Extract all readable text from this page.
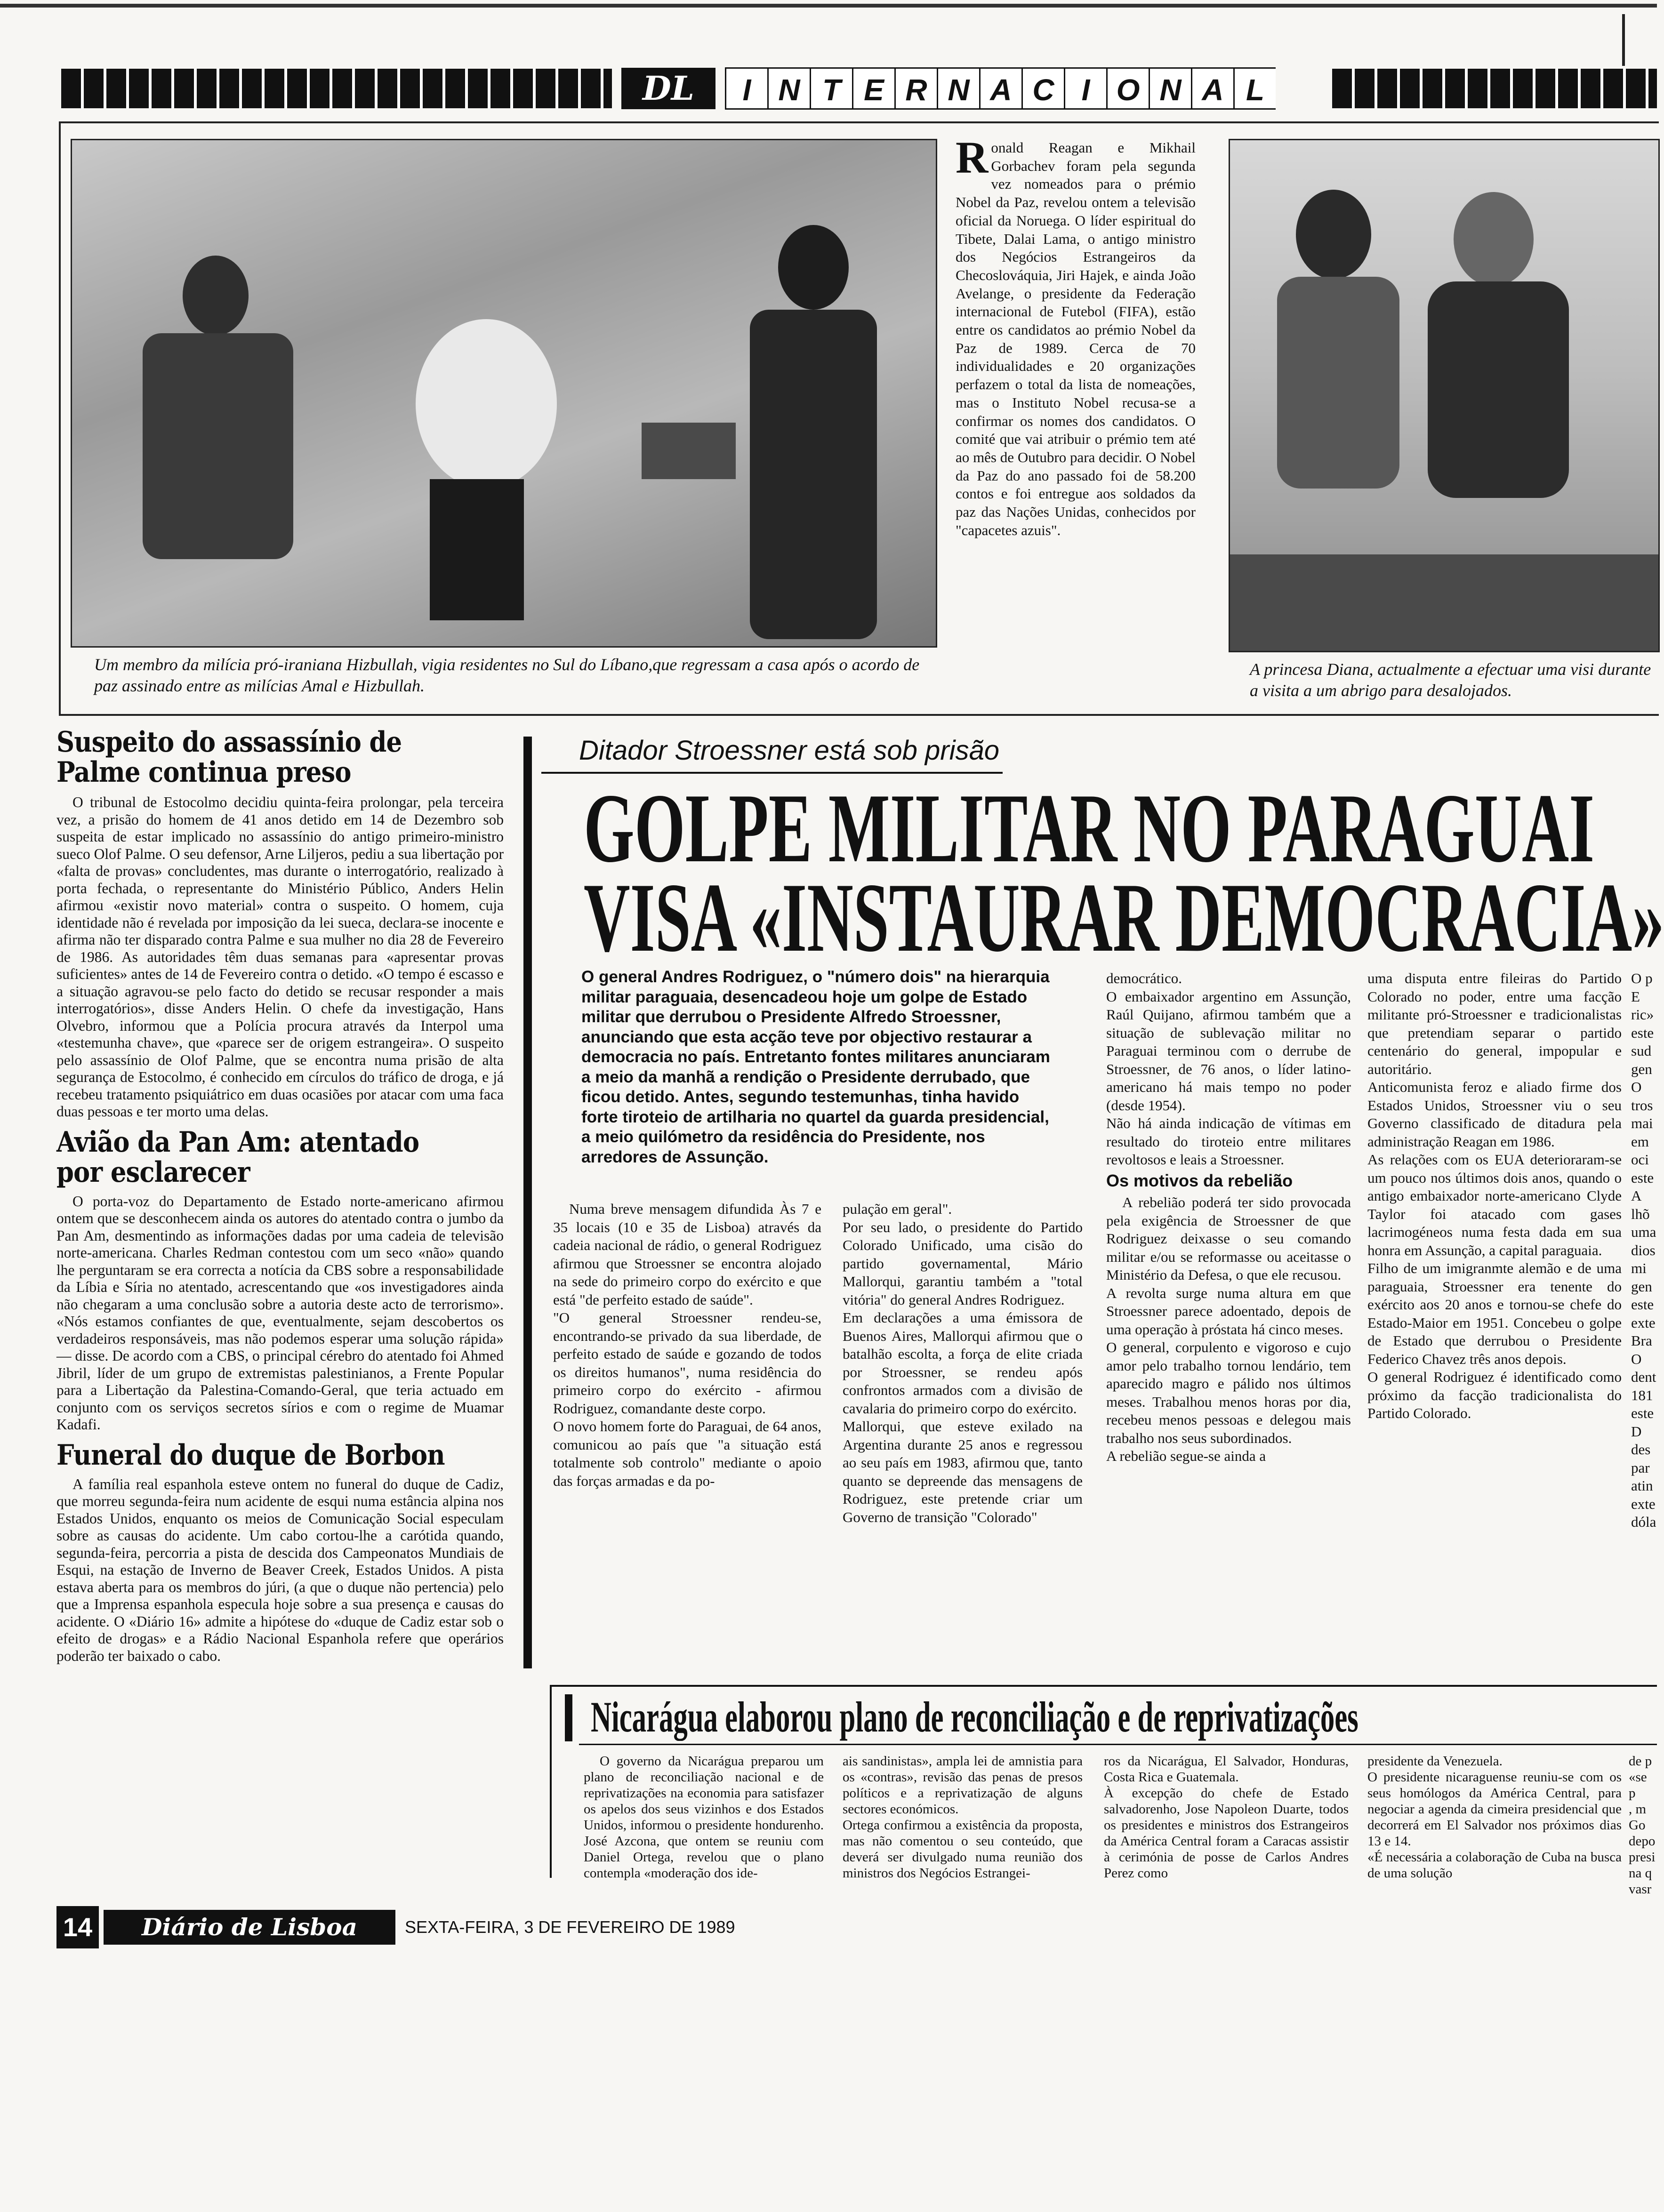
DL	I N T E R N A C I O N A L
Um membro da milícia pró-iraniana Hizbullah, vigia residentes no Sul do Líbano,que regressam a casa após o acordo de paz assinado entre as milícias Amal e Hizbullah.
R onald Reagan e Mikhail Gorbachev foram pela segunda vez nomeados para o prémio Nobel da Paz, revelou ontem a televisão oficial da Noruega. O líder espiritual do Tibete, Dalai Lama, o antigo ministro dos Negócios Estrangeiros da Checoslováquia, Jiri Hajek, e ainda João Avelange, o presidente da Federação internacional de Futebol (FIFA), estão entre os candidatos ao prémio Nobel da Paz de 1989. Cerca de 70 individualidades e 20 organizações perfazem o total da lista de nomeações, mas o Instituto Nobel recusa-se a confirmar os nomes dos candidatos. O comité que vai atribuir o prémio tem até ao mês de Outubro para decidir. O Nobel da Paz do ano passado foi de 58.200 contos e foi entregue aos soldados da paz das Nações Unidas, conhecidos por "capacetes azuis".
A princesa Diana, actualmente a efectuar uma visi durante a visita a um abrigo para desalojados.
Suspeito do assassínio de Palme continua preso

O tribunal de Estocolmo decidiu quinta-feira prolongar, pela terceira vez, a prisão do homem de 41 anos detido em 14 de Dezembro sob suspeita de estar implicado no assassínio do antigo primeiro-ministro sueco Olof Palme. O seu defensor, Arne Liljeros, pediu a sua libertação por «falta de provas» concludentes, mas durante o interrogatório, realizado à porta fechada, o representante do Ministério Público, Anders Helin afirmou «existir novo material» contra o suspeito. O homem, cuja identidade não é revelada por imposição da lei sueca, declara-se inocente e afirma não ter disparado contra Palme e sua mulher no dia 28 de Fevereiro de 1986. As autoridades têm duas semanas para «apresentar provas suficientes» antes de 14 de Fevereiro contra o detido. «O tempo é escasso e a situação agravou-se pelo facto do detido se recusar responder a mais interrogatórios», disse Anders Helin. O chefe da investigação, Hans Olvebro, informou que a Polícia procura através da Interpol uma «testemunha chave», que «parece ser de origem estrangeira». O suspeito pelo assassínio de Olof Palme, que se encontra numa prisão de alta segurança de Estocolmo, é conhecido em círculos do tráfico de droga, e já recebeu tratamento psiquiátrico em duas ocasiões por atacar com uma faca duas pessoas e ter morto uma delas.

Avião da Pan Am: atentado por esclarecer

O porta-voz do Departamento de Estado norte-americano afirmou ontem que se desconhecem ainda os autores do atentado contra o jumbo da Pan Am, desmentindo as informações dadas por uma cadeia de televisão norte-americana. Charles Redman contestou com um seco «não» quando lhe perguntaram se era correcta a notícia da CBS sobre a responsabilidade da Líbia e Síria no atentado, acrescentando que «os investigadores ainda não chegaram a uma conclusão sobre a autoria deste acto de terrorismo». «Nós estamos confiantes de que, eventualmente, sejam descobertos os verdadeiros responsáveis, mas não podemos esperar uma solução rápida» — disse. De acordo com a CBS, o principal cérebro do atentado foi Ahmed Jibril, líder de um grupo de extremistas palestinianos, a Frente Popular para a Libertação da Palestina-Comando-Geral, que teria actuado em conjunto com os serviços secretos sírios e com o regime de Muamar Kadafi.

Funeral do duque de Borbon

A família real espanhola esteve ontem no funeral do duque de Cadiz, que morreu segunda-feira num acidente de esqui numa estância alpina nos Estados Unidos, enquanto os meios de Comunicação Social especulam sobre as causas do acidente. Um cabo cortou-lhe a carótida quando, segunda-feira, percorria a pista de descida dos Campeonatos Mundiais de Esqui, na estação de Inverno de Beaver Creek, Estados Unidos. A pista estava aberta para os membros do júri, (a que o duque não pertencia) pelo que a Imprensa espanhola especula hoje sobre a sua presença e causas do acidente. O «Diário 16» admite a hipótese do «duque de Cadiz estar sob o efeito de drogas» e a Rádio Nacional Espanhola refere que operários poderão ter baixado o cabo.

Ditador Stroessner está sob prisão
GOLPE MILITAR NO PARAGUAI
VISA «INSTAURAR DEMOCRACIA»
O general Andres Rodriguez, o "número dois" na hierarquia militar paraguaia, desencadeou hoje um golpe de Estado militar que derrubou o Presidente Alfredo Stroessner, anunciando que esta acção teve por objectivo restaurar a democracia no país. Entretanto fontes militares anunciaram a meio da manhã a rendição o Presidente derrubado, que ficou detido. Antes, segundo testemunhas, tinha havido forte tiroteio de artilharia no quartel da guarda presidencial, a meio quilómetro da residência do Presidente, nos arredores de Assunção.

Numa breve mensagem difundida Às 7 e 35 locais (10 e 35 de Lisboa) através da cadeia nacional de rádio, o general Rodriguez afirmou que Stroessner se encontra alojado na sede do primeiro corpo do exército e que está "de perfeito estado de saúde".
"O general Stroessner rendeu-se, encontrando-se privado da sua liberdade, de perfeito estado de saúde e gozando de todos os direitos humanos", numa residência do primeiro corpo do exército - afirmou Rodriguez, comandante deste corpo.
O novo homem forte do Paraguai, de 64 anos, comunicou ao país que "a situação está totalmente sob controlo" mediante o apoio das forças armadas e da po-

pulação em geral".
Por seu lado, o presidente do Partido Colorado Unificado, uma cisão do partido governamental, Mário Mallorqui, garantiu também a "total vitória" do general Andres Rodriguez.
Em declarações a uma émissora de Buenos Aires, Mallorqui afirmou que o batalhão escolta, a força de elite criada por Stroessner, se rendeu após confrontos armados com a divisão de cavalaria do primeiro corpo do exército.
Mallorqui, que esteve exilado na Argentina durante 25 anos e regressou ao seu país em 1983, afirmou que, tanto quanto se depreende das mensagens de Rodriguez, este pretende criar um Governo de transição "Colorado"

democrático.
O embaixador argentino em Assunção, Raúl Quijano, afirmou também que a situação de sublevação militar no Paraguai terminou com o derrube de Stroessner, de 76 anos, o líder latino-americano há mais tempo no poder (desde 1954).
Não há ainda indicação de vítimas em resultado do tiroteio entre militares revoltosos e leais a Stroessner.

Os motivos da rebelião

A rebelião poderá ter sido provocada pela exigência de Stroessner de que Rodriguez deixasse o seu comando militar e/ou se reformasse ou aceitasse o Ministério da Defesa, o que ele recusou.
A revolta surge numa altura em que Stroessner parece adoentado, depois de uma operação à próstata há cinco meses.
O general, corpulento e vigoroso e cujo amor pelo trabalho tornou lendário, tem aparecido magro e pálido nos últimos meses. Trabalhou menos horas por dia, recebeu menos pessoas e delegou mais trabalho nos seus subordinados.
A rebelião segue-se ainda a

uma disputa entre fileiras do Partido Colorado no poder, entre uma facção militante pró-Stroessner e tradicionalistas que pretendiam separar o partido centenário do general, impopular e autoritário.
Anticomunista feroz e aliado firme dos Estados Unidos, Stroessner viu o seu Governo classificado de ditadura pela administração Reagan em 1986.
As relações com os EUA deterioraram-se um pouco nos últimos dois anos, quando o antigo embaixador norte-americano Clyde Taylor foi atacado com gases lacrimogéneos numa festa dada em sua honra em Assunção, a capital paraguaia.
Filho de um imigranmte alemão e de uma paraguaia, Stroessner era tenente do exército aos 20 anos e tornou-se chefe do Estado-Maior em 1951. Concebeu o golpe de Estado que derrubou o Presidente Federico Chavez três anos depois.
O general Rodriguez é identificado como próximo da facção tradicionalista do Partido Colorado.

O p
E ric» este sud gen
O tros mai em oci este
A lhõ uma dios mi gen este exte Bra
O dent 181 este
D des par atin exte dóla
Nicarágua elaborou plano de reconciliação e de reprivatizações

O governo da Nicarágua preparou um plano de reconciliação nacional e de reprivatizações na economia para satisfazer os apelos dos seus vizinhos e dos Estados Unidos, informou o presidente hondurenho. José Azcona, que ontem se reuniu com Daniel Ortega, revelou que o plano contempla «moderação dos ide-

ais sandinistas», ampla lei de amnistia para os «contras», revisão das penas de presos políticos e a reprivatização de alguns sectores económicos.
Ortega confirmou a existência da proposta, mas não comentou o seu conteúdo, que deverá ser divulgado numa reunião dos ministros dos Negócios Estrangei-

ros da Nicarágua, El Salvador, Honduras, Costa Rica e Guatemala.
À excepção do chefe de Estado salvadorenho, Jose Napoleon Duarte, todos os presidentes e ministros dos Estrangeiros da América Central foram a Caracas assistir à cerimónia de posse de Carlos Andres Perez como

presidente da Venezuela.
O presidente nicaraguense reuniu-se com os seus homólogos da América Central, para negociar a agenda da cimeira presidencial que decorrerá em El Salvador nos próximos dias 13 e 14.
«É necessária a colaboração de Cuba na busca de uma solução

de p
«se p
, m
Go
depo
presi
na q
vasr
14	Diário de Lisboa	SEXTA-FEIRA, 3 DE FEVEREIRO DE 1989
